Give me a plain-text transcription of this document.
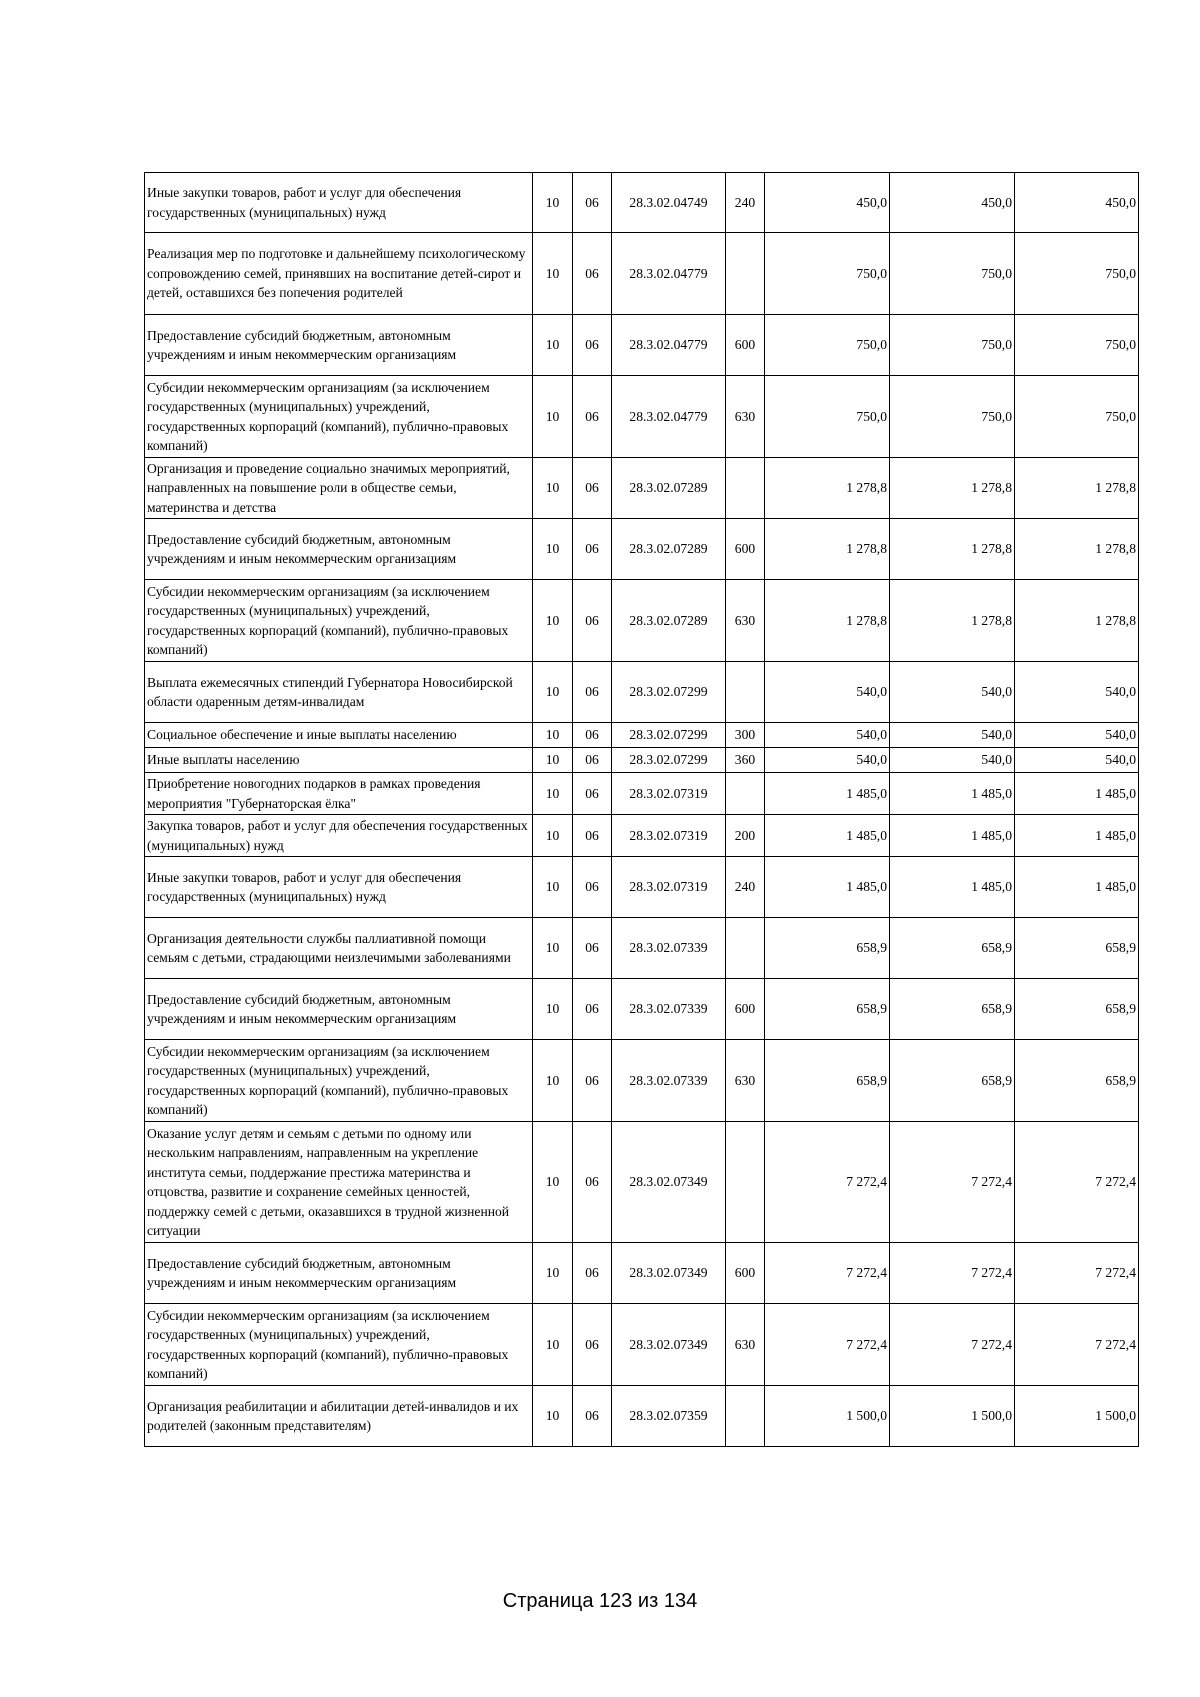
Иные закупки товаров, работ и услуг для обеспечения государственных (муниципальных) нужд	10	06	28.3.02.04749	240	450,0	450,0	450,0
Реализация мер по подготовке и дальнейшему психологическому сопровождению семей, принявших на воспитание детей-сирот и детей, оставшихся без попечения родителей	10	06	28.3.02.04779		750,0	750,0	750,0
Предоставление субсидий бюджетным, автономным учреждениям и иным некоммерческим организациям	10	06	28.3.02.04779	600	750,0	750,0	750,0
Субсидии некоммерческим организациям (за исключением государственных (муниципальных) учреждений, государственных корпораций (компаний), публично-правовых компаний)	10	06	28.3.02.04779	630	750,0	750,0	750,0
Организация и проведение социально значимых мероприятий, направленных на повышение роли в обществе семьи, материнства и детства	10	06	28.3.02.07289		1 278,8	1 278,8	1 278,8
Предоставление субсидий бюджетным, автономным учреждениям и иным некоммерческим организациям	10	06	28.3.02.07289	600	1 278,8	1 278,8	1 278,8
Субсидии некоммерческим организациям (за исключением государственных (муниципальных) учреждений, государственных корпораций (компаний), публично-правовых компаний)	10	06	28.3.02.07289	630	1 278,8	1 278,8	1 278,8
Выплата ежемесячных стипендий Губернатора Новосибирской области одаренным детям-инвалидам	10	06	28.3.02.07299		540,0	540,0	540,0
Социальное обеспечение и иные выплаты населению	10	06	28.3.02.07299	300	540,0	540,0	540,0
Иные выплаты населению	10	06	28.3.02.07299	360	540,0	540,0	540,0
Приобретение новогодних подарков в рамках проведения мероприятия "Губернаторская ёлка"	10	06	28.3.02.07319		1 485,0	1 485,0	1 485,0
Закупка товаров, работ и услуг для обеспечения государственных (муниципальных) нужд	10	06	28.3.02.07319	200	1 485,0	1 485,0	1 485,0
Иные закупки товаров, работ и услуг для обеспечения государственных (муниципальных) нужд	10	06	28.3.02.07319	240	1 485,0	1 485,0	1 485,0
Организация деятельности службы паллиативной помощи семьям с детьми, страдающими неизлечимыми заболеваниями	10	06	28.3.02.07339		658,9	658,9	658,9
Предоставление субсидий бюджетным, автономным учреждениям и иным некоммерческим организациям	10	06	28.3.02.07339	600	658,9	658,9	658,9
Субсидии некоммерческим организациям (за исключением государственных (муниципальных) учреждений, государственных корпораций (компаний), публично-правовых компаний)	10	06	28.3.02.07339	630	658,9	658,9	658,9
Оказание услуг детям и семьям с детьми по одному или нескольким направлениям, направленным на укрепление института семьи, поддержание престижа материнства и отцовства, развитие и сохранение семейных ценностей, поддержку семей с детьми, оказавшихся в трудной жизненной ситуации	10	06	28.3.02.07349		7 272,4	7 272,4	7 272,4
Предоставление субсидий бюджетным, автономным учреждениям и иным некоммерческим организациям	10	06	28.3.02.07349	600	7 272,4	7 272,4	7 272,4
Субсидии некоммерческим организациям (за исключением государственных (муниципальных) учреждений, государственных корпораций (компаний), публично-правовых компаний)	10	06	28.3.02.07349	630	7 272,4	7 272,4	7 272,4
Организация реабилитации и абилитации детей-инвалидов и их родителей (законным представителям)	10	06	28.3.02.07359		1 500,0	1 500,0	1 500,0
Страница 123 из 134
